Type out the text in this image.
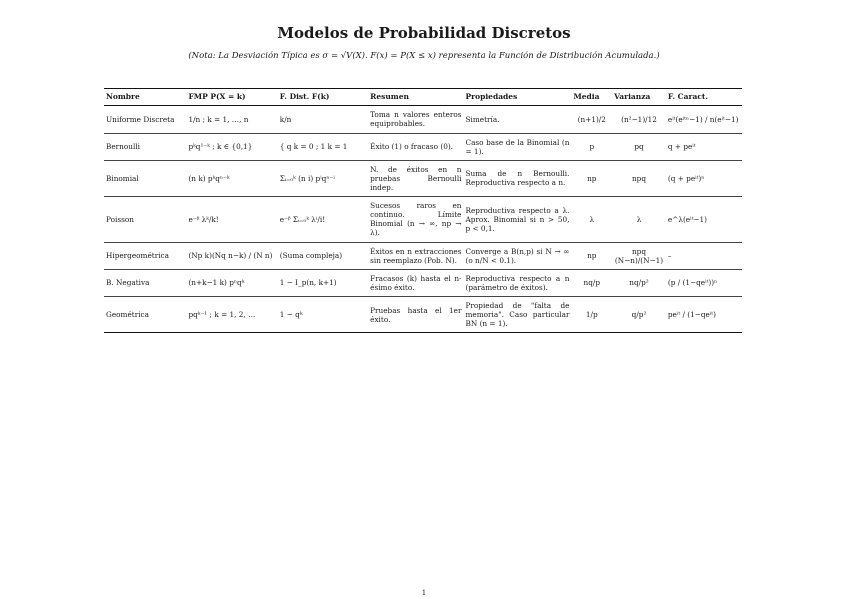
Modelos de Probabilidad Discretos
(Nota: La Desviación Típica es σ = √V(X). F(x) = P(X ≤ x) representa la Función de Distribución Acumulada.)
Nombre	FMP P(X = k)	F. Dist. F(k)	Resumen	Propiedades	Media	Varianza	F. Caract.
Uniforme Discreta	1/n ; k = 1, …, n	k/n	Toma n valores enteros equiprobables.	Simetría.	(n+1)/2	(n²−1)/12	eⁱᵗ(eⁱᵗⁿ−1) / n(eⁱᵗ−1)
Bernoulli	pᵏq¹⁻ᵏ ; k ∈ {0,1}	{ q k = 0 ; 1 k = 1	Éxito (1) o fracaso (0).	Caso base de la Binomial (n = 1).	p	pq	q + peⁱᵗ
Binomial	(n k) pᵏqⁿ⁻ᵏ	Σᵢ₌₀ᵏ (n i) pⁱqⁿ⁻ⁱ	N. de éxitos en n pruebas Bernoulli indep.	Suma de n Bernoulli. Reproductiva respecto a n.	np	npq	(q + peⁱᵗ)ⁿ
Poisson	e⁻ᵝ λᵏ/k!	e⁻ᵝ Σᵢ₌₀ᵏ λⁱ/i!	Sucesos raros en continuo. Límite Binomial (n → ∞, np → λ).	Reproductiva respecto a λ. Aprox. Binomial si n > 50, p < 0,1.	λ	λ	e^λ(eⁱᵗ−1)
Hipergeométrica	(Np k)(Nq n−k) / (N n)	(Suma compleja)	Éxitos en n extracciones sin reemplazo (Pob. N).	Converge a B(n,p) si N → ∞ (o n/N < 0.1).	np	npq (N−n)/(N−1)	–
B. Negativa	(n+k−1 k) pⁿqᵏ	1 − I_p(n, k+1)	Fracasos (k) hasta el n-ésimo éxito.	Reproductiva respecto a n (parámetro de éxitos).	nq/p	nq/p²	(p / (1−qeⁱᵗ))ⁿ
Geométrica	pqᵏ⁻¹ ; k = 1, 2, …	1 − qᵏ	Pruebas hasta el 1er éxito.	Propiedad de "falta de memoria". Caso particular BN (n = 1).	1/p	q/p²	peⁱᵗ / (1−qeⁱᵗ)
1
